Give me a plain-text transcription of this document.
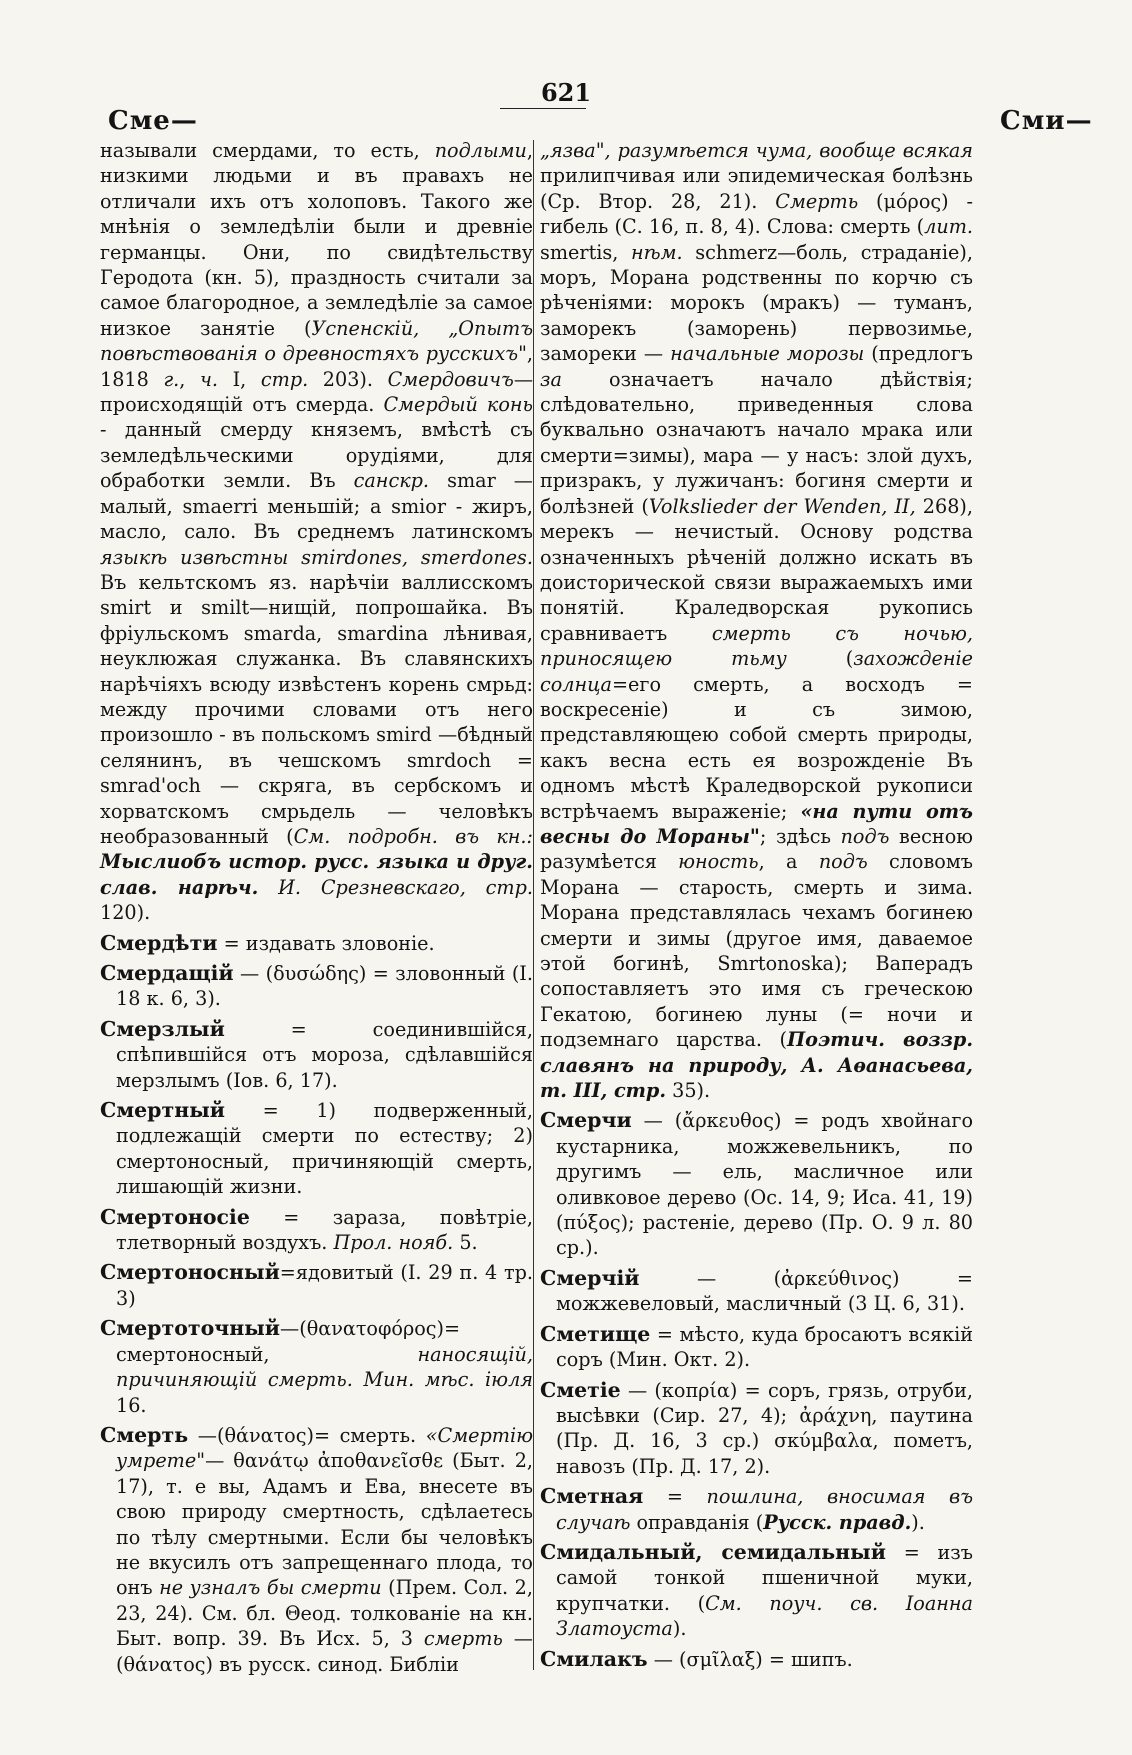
621
Сме—	Сми—

называли смердами, то есть, подлыми, низкими людьми и въ правахъ не отличали ихъ отъ холоповъ. Такого же мнѣнія о земледѣліи были и древніе германцы. Они, по свидѣтельству Геродота (кн. 5), праздность считали за самое благородное, а земледѣліе за самое низкое занятіе (Успенскій, „Опытъ повѣствованія о древностяхъ русскихъ", 1818 г., ч. I, стр. 203). Смердовичъ—происходящій отъ смерда. Смердый конь - данный смерду княземъ, вмѣстѣ съ земледѣльческими орудіями, для обработки земли. Въ санскр. smar — малый, smaerri меньшій; а smior - жиръ, масло, сало. Въ среднемъ латинскомъ языкѣ извѣстны smirdones, smerdones. Въ кельтскомъ яз. нарѣчіи валлисскомъ smirt и smilt—нищій, попрошайка. Въ фріульскомъ smarda, smardina лѣнивая, неуклюжая служанка. Въ славянскихъ нарѣчіяхъ всюду извѣстенъ корень смрьд: между прочими словами отъ него произошло - въ польскомъ smird —бѣдный селянинъ, въ чешскомъ smrdoch = smrad'och — скряга, въ сербскомъ и хорватскомъ смрьдель — человѣкъ необразованный (См. подробн. въ кн.: Мыслиобъ истор. русс. языка и друг. слав. нарѣч. И. Срезневскаго, стр. 120).

Смердѣти = издавать зловоніе.

Смердащій — (δυσώδης) = зловонный (I. 18 к. 6, 3).

Смерзлый = соединившійся, спѣпившійся отъ мороза, сдѣлавшійся мерзлымъ (Іов. 6, 17).

Смертный = 1) подверженный, подлежащій смерти по естеству; 2) смертоносный, причиняющій смерть, лишающій жизни.

Смертоносіе = зараза, повѣтріе, тлетворный воздухъ. Прол. нояб. 5.

Смертоносный=ядовитый (I. 29 п. 4 тр. 3)

Смертоточный—(θανατοφόρος)= смертоносный, наносящій, причиняющій смерть. Мин. мѣс. іюля 16.

Смерть —(θάνατος)= смерть. «Смертію умрете"— θανάτῳ ἀποθανεῖσθε (Быт. 2, 17), т. е вы, Адамъ и Ева, внесете въ свою природу смертность, сдѣлаетесь по тѣлу смертными. Если бы человѣкъ не вкусилъ отъ запрещеннаго плода, то онъ не узналъ бы смерти (Прем. Сол. 2, 23, 24). См. бл. Θеод. толкованіе на кн. Быт. вопр. 39. Въ Исх. 5, 3 смерть — (θάνατος) въ русск. синод. Библіи

„язва", разумѣется чума, вообще всякая прилипчивая или эпидемическая болѣзнь (Ср. Втор. 28, 21). Смерть (μόρος) - гибель (С. 16, п. 8, 4). Слова: смерть (лит. smertis, нѣм. schmerz—боль, страданіе), моръ, Морана родственны по корчю съ рѣченіями: морокъ (мракъ) — туманъ, заморекъ (заморень) первозимье, замореки — начальные морозы (предлогъ за означаетъ начало дѣйствія; слѣдовательно, приведенныя слова буквально означаютъ начало мрака или смерти=зимы), мара — у насъ: злой духъ, призракъ, у лужичанъ: богиня смерти и болѣзней (Volkslieder der Wenden, II, 268), мерекъ — нечистый. Основу родства означенныхъ рѣченій должно искать въ доисторической связи выражаемыхъ ими понятій. Краледворская рукопись сравниваетъ смерть съ ночью, приносящею тьму (захожденіе солнца=его смерть, а восходъ = воскресеніе) и съ зимою, представляющею собой смерть природы, какъ весна есть ея возрожденіе Въ одномъ мѣстѣ Краледворской рукописи встрѣчаемъ выраженіе; «на пути отъ весны до Мораны"; здѣсь подъ весною разумѣется юность, а подъ словомъ Морана — старость, смерть и зима. Морана представлялась чехамъ богинею смерти и зимы (другое имя, даваемое этой богинѣ, Smrtonoska); Ваперадъ сопоставляетъ это имя съ греческою Гекатою, богинею луны (= ночи и подземнаго царства. (Поэтич. воззр. славянъ на природу, А. Аѳанасьева, т. III, стр. 35).

Смерчи — (ἄρκευθος) = родъ хвойнаго кустарника, можжевельникъ, по другимъ — ель, масличное или оливковое дерево (Ос. 14, 9; Иса. 41, 19) (πύξος); растеніе, дерево (Пр. О. 9 л. 80 ср.).

Смерчій — (ἀρκεύθινος) = можжевеловый, масличный (3 Ц. 6, 31).

Сметище = мѣсто, куда бросаютъ всякій соръ (Мин. Окт. 2).

Сметіе — (κοπρία) = соръ, грязь, отруби, высѣвки (Сир. 27, 4); ἀράχνη, паутина (Пр. Д. 16, 3 ср.) σκύμβαλα, пометъ, навозъ (Пр. Д. 17, 2).

Сметная = пошлина, вносимая въ случаѣ оправданія (Русск. правд.).

Смидальный, семидальный = изъ самой тонкой пшеничной муки, крупчатки. (См. поуч. св. Іоанна Златоуста).

Смилакъ — (σμῖλαξ) = шипъ.
